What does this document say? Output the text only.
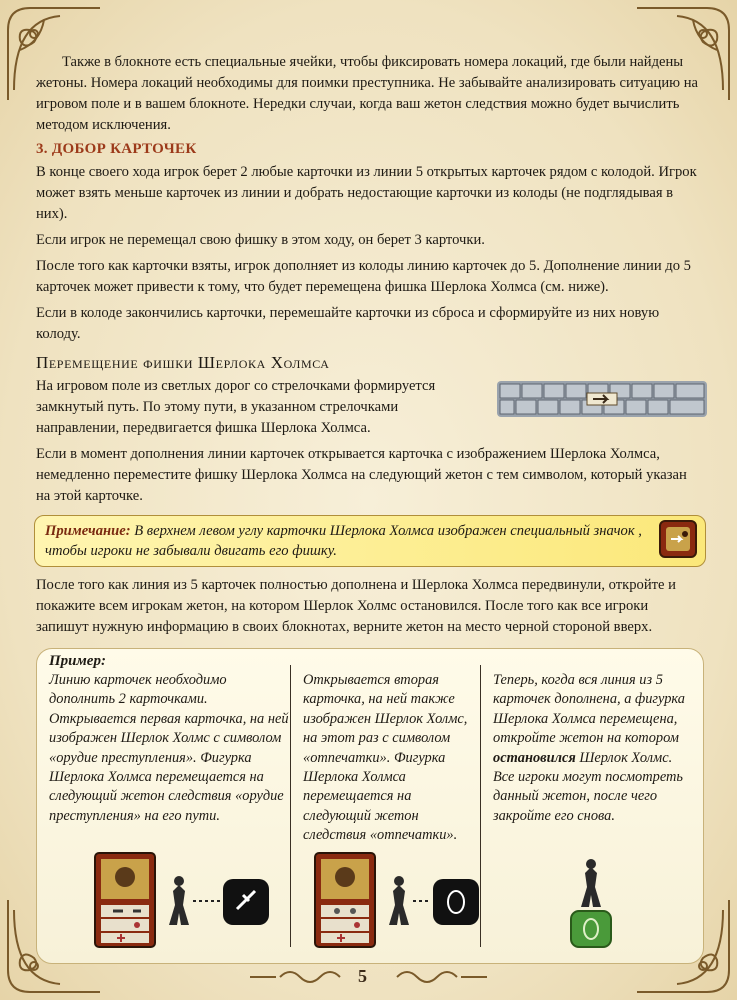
Также в блокноте есть специальные ячейки, чтобы фиксировать номера локаций, где были найдены жетоны. Номера локаций необходимы для поимки преступника. Не забывайте анализировать ситуацию на игровом поле и в вашем блокноте. Нередки случаи, когда ваш жетон следствия можно будет вычислить методом исключения.

3. ДОБОР КАРТОЧЕК

В конце своего хода игрок берет 2 любые карточки из линии 5 открытых карточек рядом с колодой. Игрок может взять меньше карточек из линии и добрать недостающие карточки из колоды (не подглядывая в них).

Если игрок не перемещал свою фишку в этом ходу, он берет 3 карточки.

После того как карточки взяты, игрок дополняет из колоды линию карточек до 5. Дополнение линии до 5 карточек может привести к тому, что будет перемещена фишка Шерлока Холмса (см. ниже).

Если в колоде закончились карточки, перемешайте карточки из сброса и сформируйте из них новую колоду.

Перемещение фишки Шерлока Холмса

На игровом поле из светлых дорог со стрелочками формируется замкнутый путь. По этому пути, в указанном стрелочками направлении, передвигается фишка Шерлока Холмса.

Если в момент дополнения линии карточек открывается карточка с изображением Шерлока Холмса, немедленно переместите фишку Шерлока Холмса на следующий жетон с тем символом, который указан на этой карточке.

Примечание: В верхнем левом углу карточки Шерлока Холмса изображен специальный значок , чтобы игроки не забывали двигать его фишку.

После того как линия из 5 карточек полностью дополнена и Шерлока Холмса передвинули, откройте и покажите всем игрокам жетон, на котором Шерлок Холмс остановился. После того как все игроки запишут нужную информацию в своих блокнотах, верните жетон на место черной стороной вверх.

Пример:
Линию карточек необходимо дополнить 2 карточками. Открывается первая карточка, на ней изображен Шерлок Холмс с символом «орудие преступления». Фигурка Шерлока Холмса перемещается на следующий жетон следствия «орудие преступления» на его пути.
Открывается вторая карточка, на ней также изображен Шерлок Холмс, на этот раз с символом «отпечатки». Фигурка Шерлока Холмса перемещается на следующий жетон следствия «отпечатки».
Теперь, когда вся линия из 5 карточек дополнена, а фигурка Шерлока Холмса перемещена, откройте жетон на котором остановился Шерлок Холмс. Все игроки могут посмотреть данный жетон, после чего закройте его снова.
5
